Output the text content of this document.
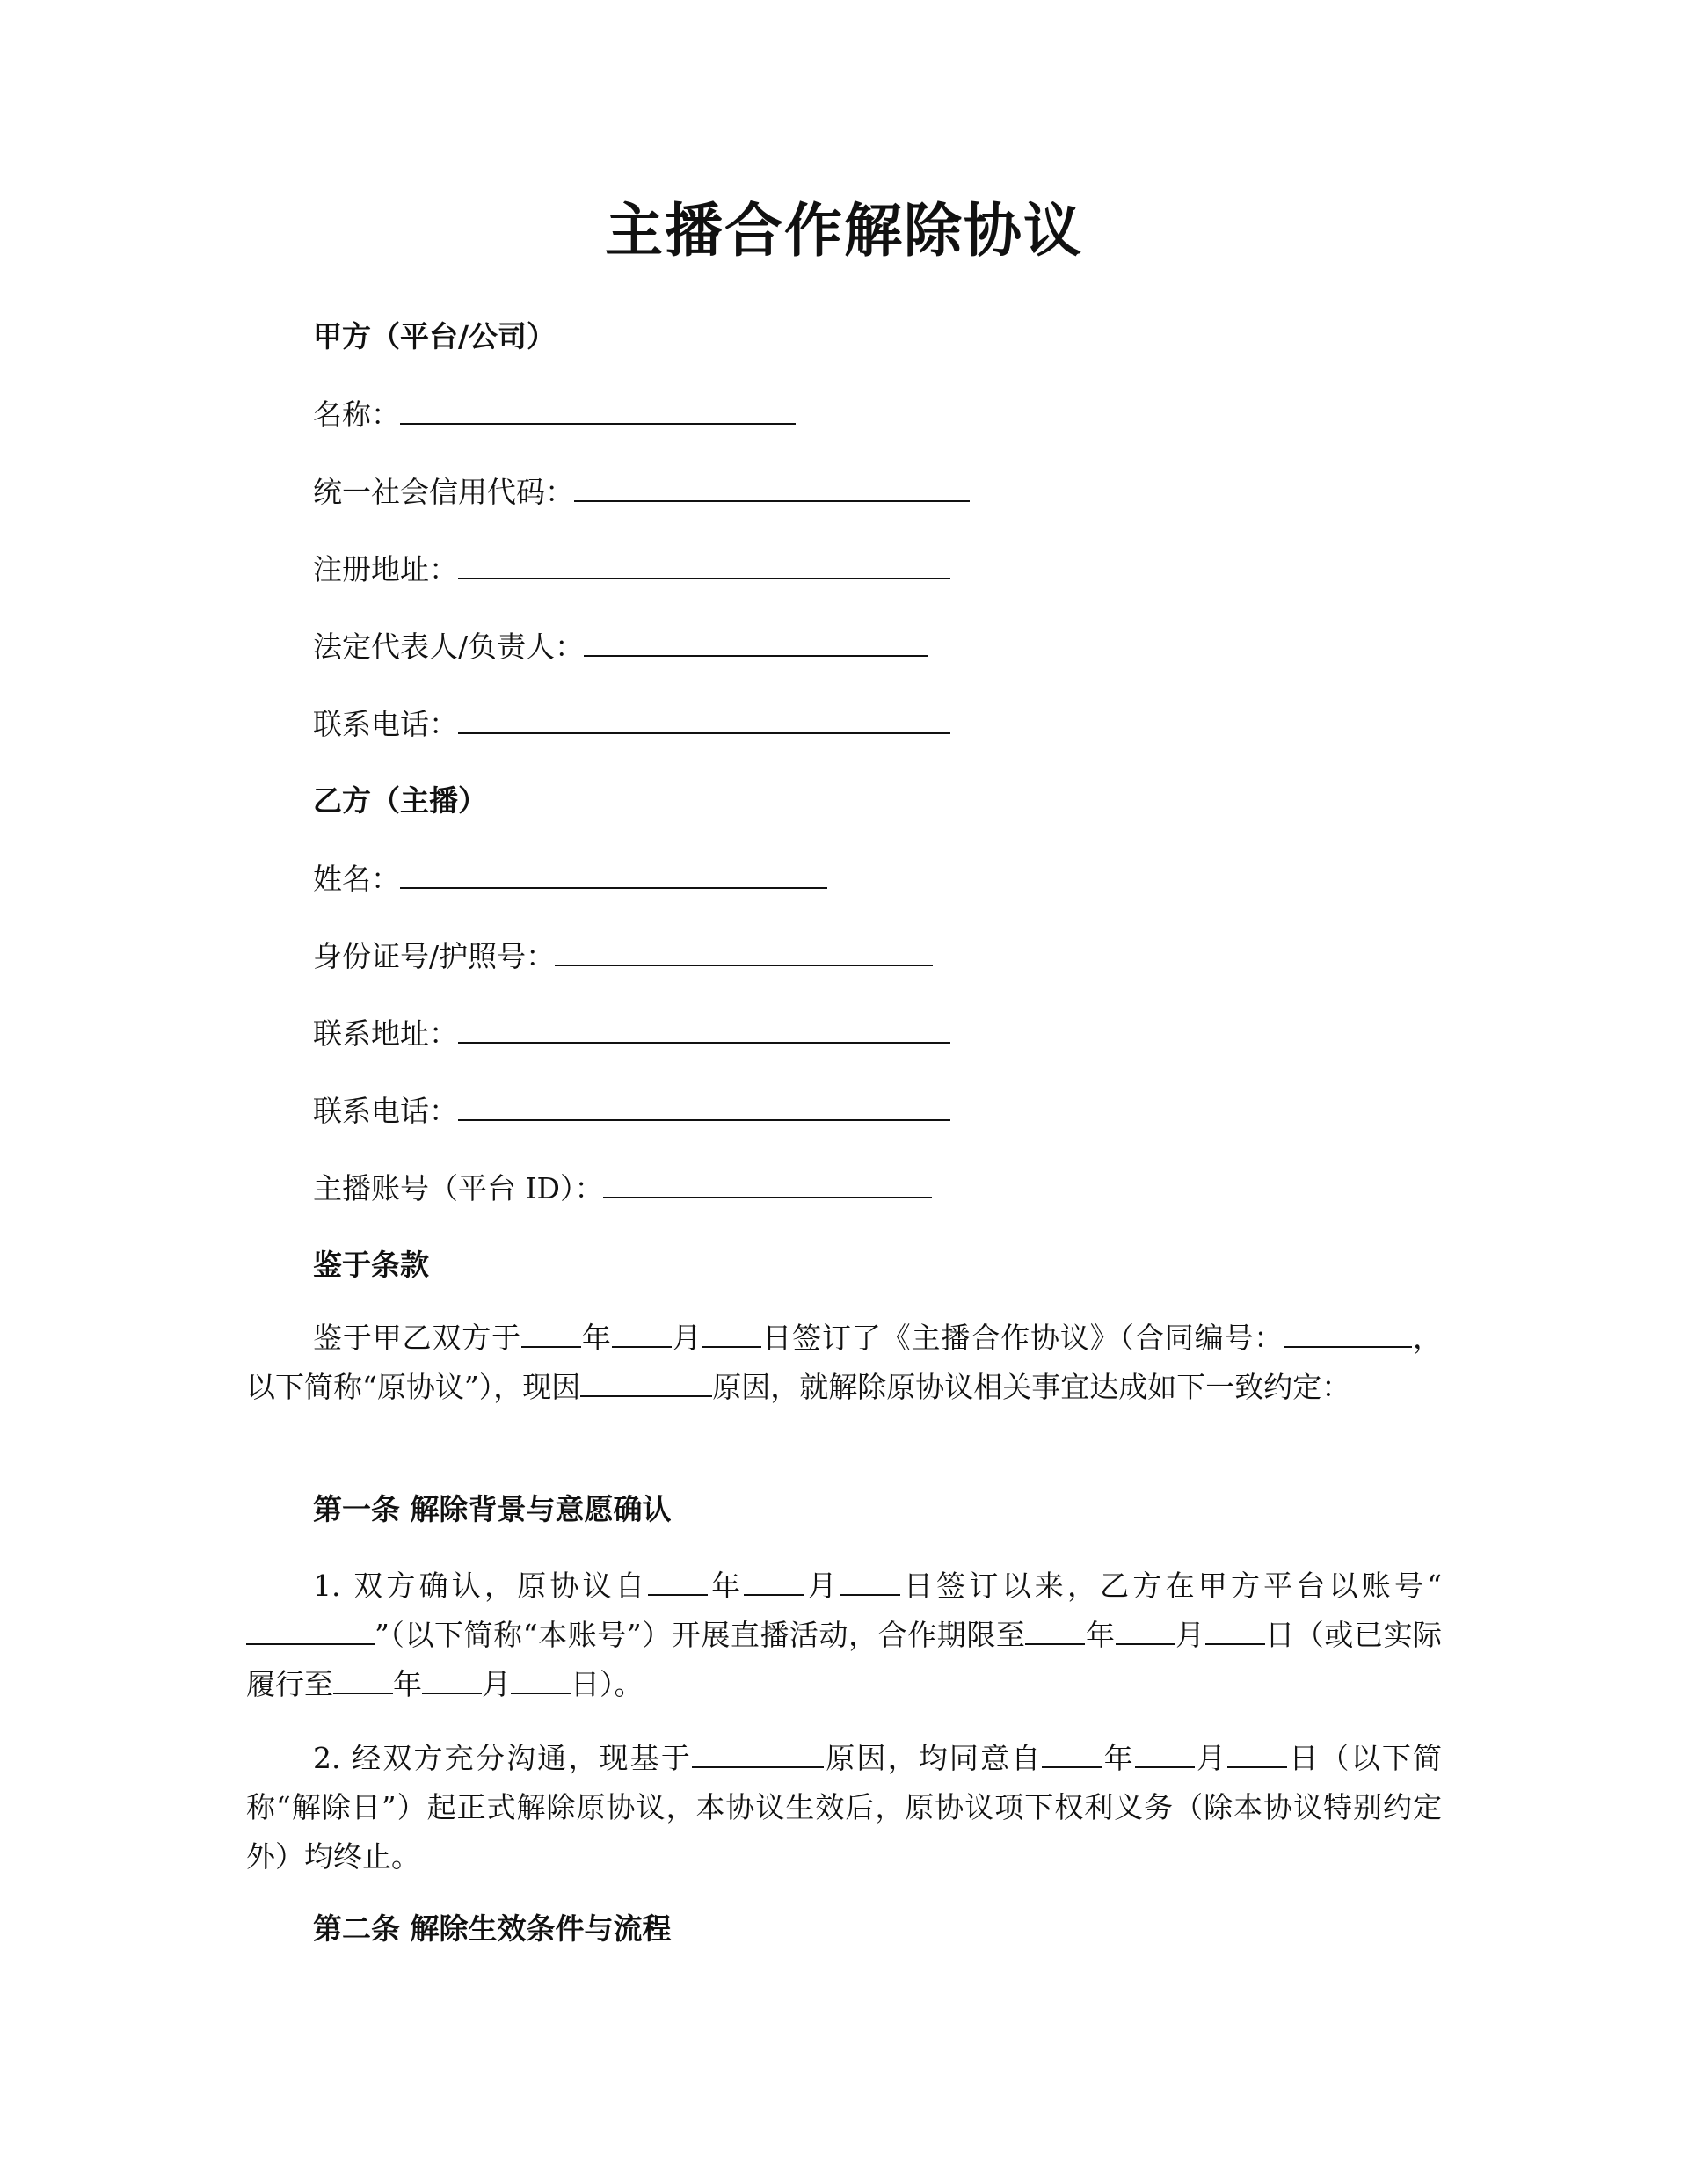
主播合作解除协议
甲方（平台/公司）
名称：
统一社会信用代码：
注册地址：
法定代表人/负责人：
联系电话：
乙方（主播）
姓名：
身份证号/护照号：
联系地址：
联系电话：
主播账号（平台 ID）：
鉴于条款
鉴于甲乙双方于 年 月 日签订了《主播合作协议》（合同编号：	，以下简称“原协议”），现因	原因，就解除原协议相关事宜达成如下一致约定：
第一条 解除背景与意愿确认
1. 双方确认，原协议自 年 月 日签订以来，乙方在甲方平台以账号“”（以下简称“本账号”）开展直播活动，合作期限至 年 月 日（或已实际履行至 年 月 日）。
2. 经双方充分沟通，现基于	原因，均同意自 年 月 日（以下简称“解除日”）起正式解除原协议，本协议生效后，原协议项下权利义务（除本协议特别约定外）均终止。
第二条 解除生效条件与流程
